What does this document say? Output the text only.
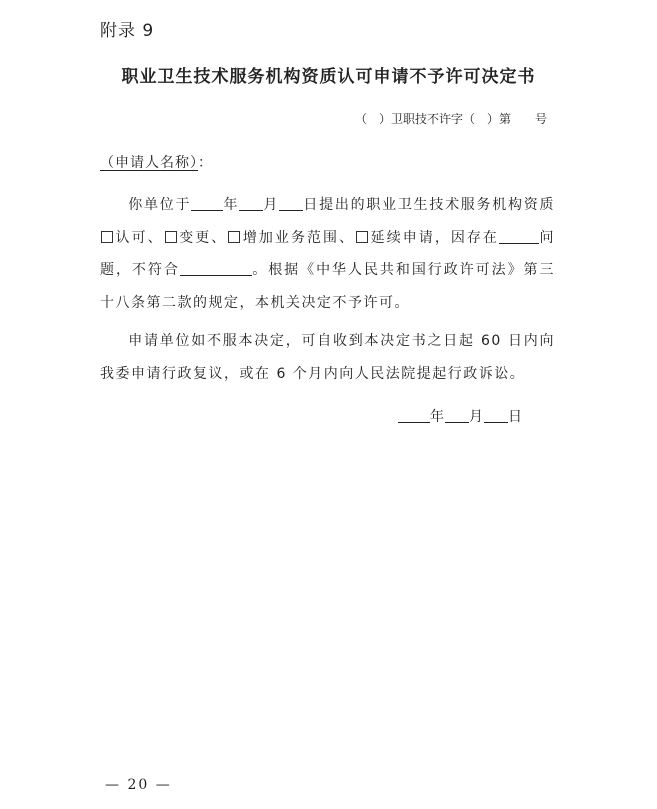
附录 9
职业卫生技术服务机构资质认可申请不予许可决定书
（　）卫职技不许字（　）第　　号
（申请人名称）：
你单位于 年 月 日提出的职业卫生技术服务机构资质认可、 变更、 增加业务范围、 延续申请，因存在	问题，不符合	。根据《中华人民共和国行政许可法》第三十八条第二款的规定，本机关决定不予许可。
申请单位如不服本决定，可自收到本决定书之日起 60 日内向我委申请行政复议，或在 6 个月内向人民法院提起行政诉讼。
年 月 日
— 20 —
